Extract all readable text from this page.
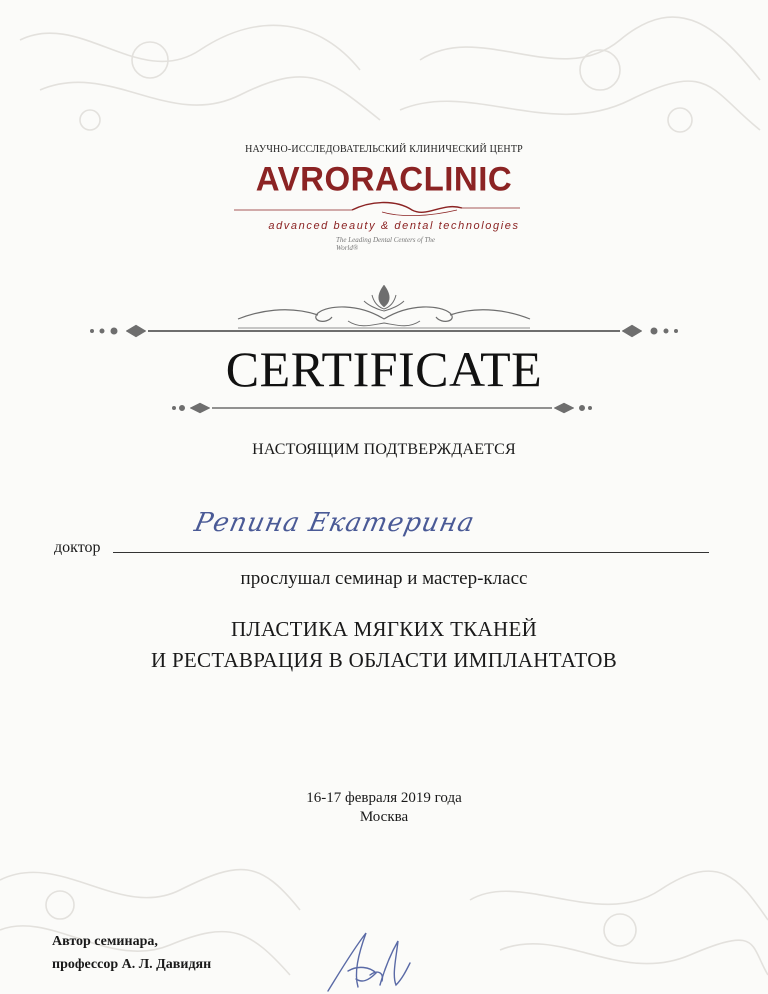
НАУЧНО-ИССЛЕДОВАТЕЛЬСКИЙ КЛИНИЧЕСКИЙ ЦЕНТР
AVRORACLINIC
advanced beauty & dental technologies
The Leading Dental Centers of The World®
CERTIFICATE
НАСТОЯЩИМ ПОДТВЕРЖДАЕТСЯ
доктор
Репина Екатерина
прослушал семинар и мастер-класс
ПЛАСТИКА МЯГКИХ ТКАНЕЙ
И РЕСТАВРАЦИЯ В ОБЛАСТИ ИМПЛАНТАТОВ
16-17 февраля 2019 года
Москва
Автор семинара,
профессор А. Л. Давидян
